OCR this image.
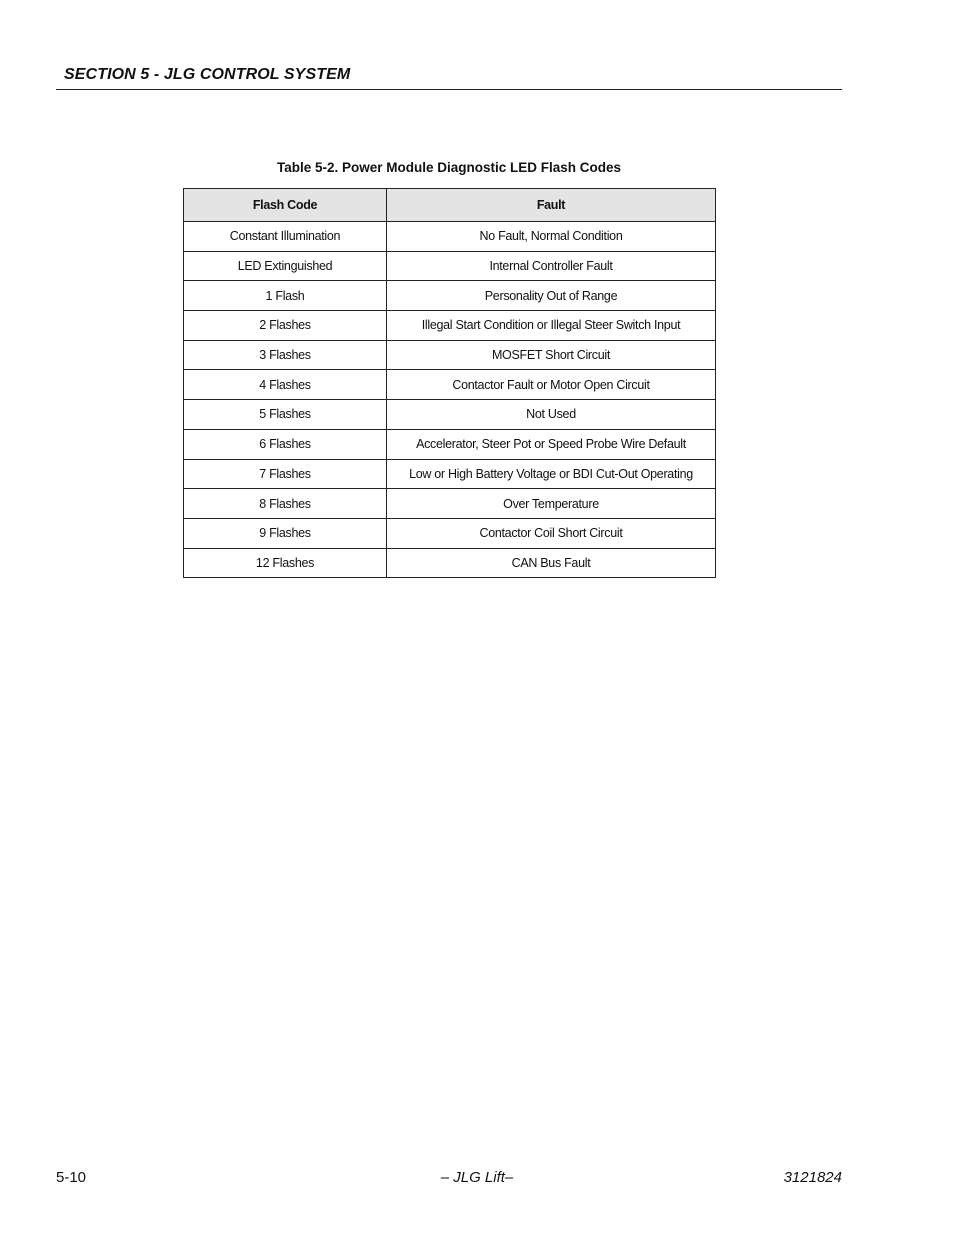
SECTION 5 - JLG CONTROL SYSTEM
Table 5-2. Power Module Diagnostic LED Flash Codes
Flash Code	Fault
Constant Illumination	No Fault, Normal Condition
LED Extinguished	Internal Controller Fault
1 Flash	Personality Out of Range
2 Flashes	Illegal Start Condition or Illegal Steer Switch Input
3 Flashes	MOSFET Short Circuit
4 Flashes	Contactor Fault or Motor Open Circuit
5 Flashes	Not Used
6 Flashes	Accelerator, Steer Pot or Speed Probe Wire Default
7 Flashes	Low or High Battery Voltage or BDI Cut-Out Operating
8 Flashes	Over Temperature
9 Flashes	Contactor Coil Short Circuit
12 Flashes	CAN Bus Fault
5-10	– JLG Lift–	3121824
